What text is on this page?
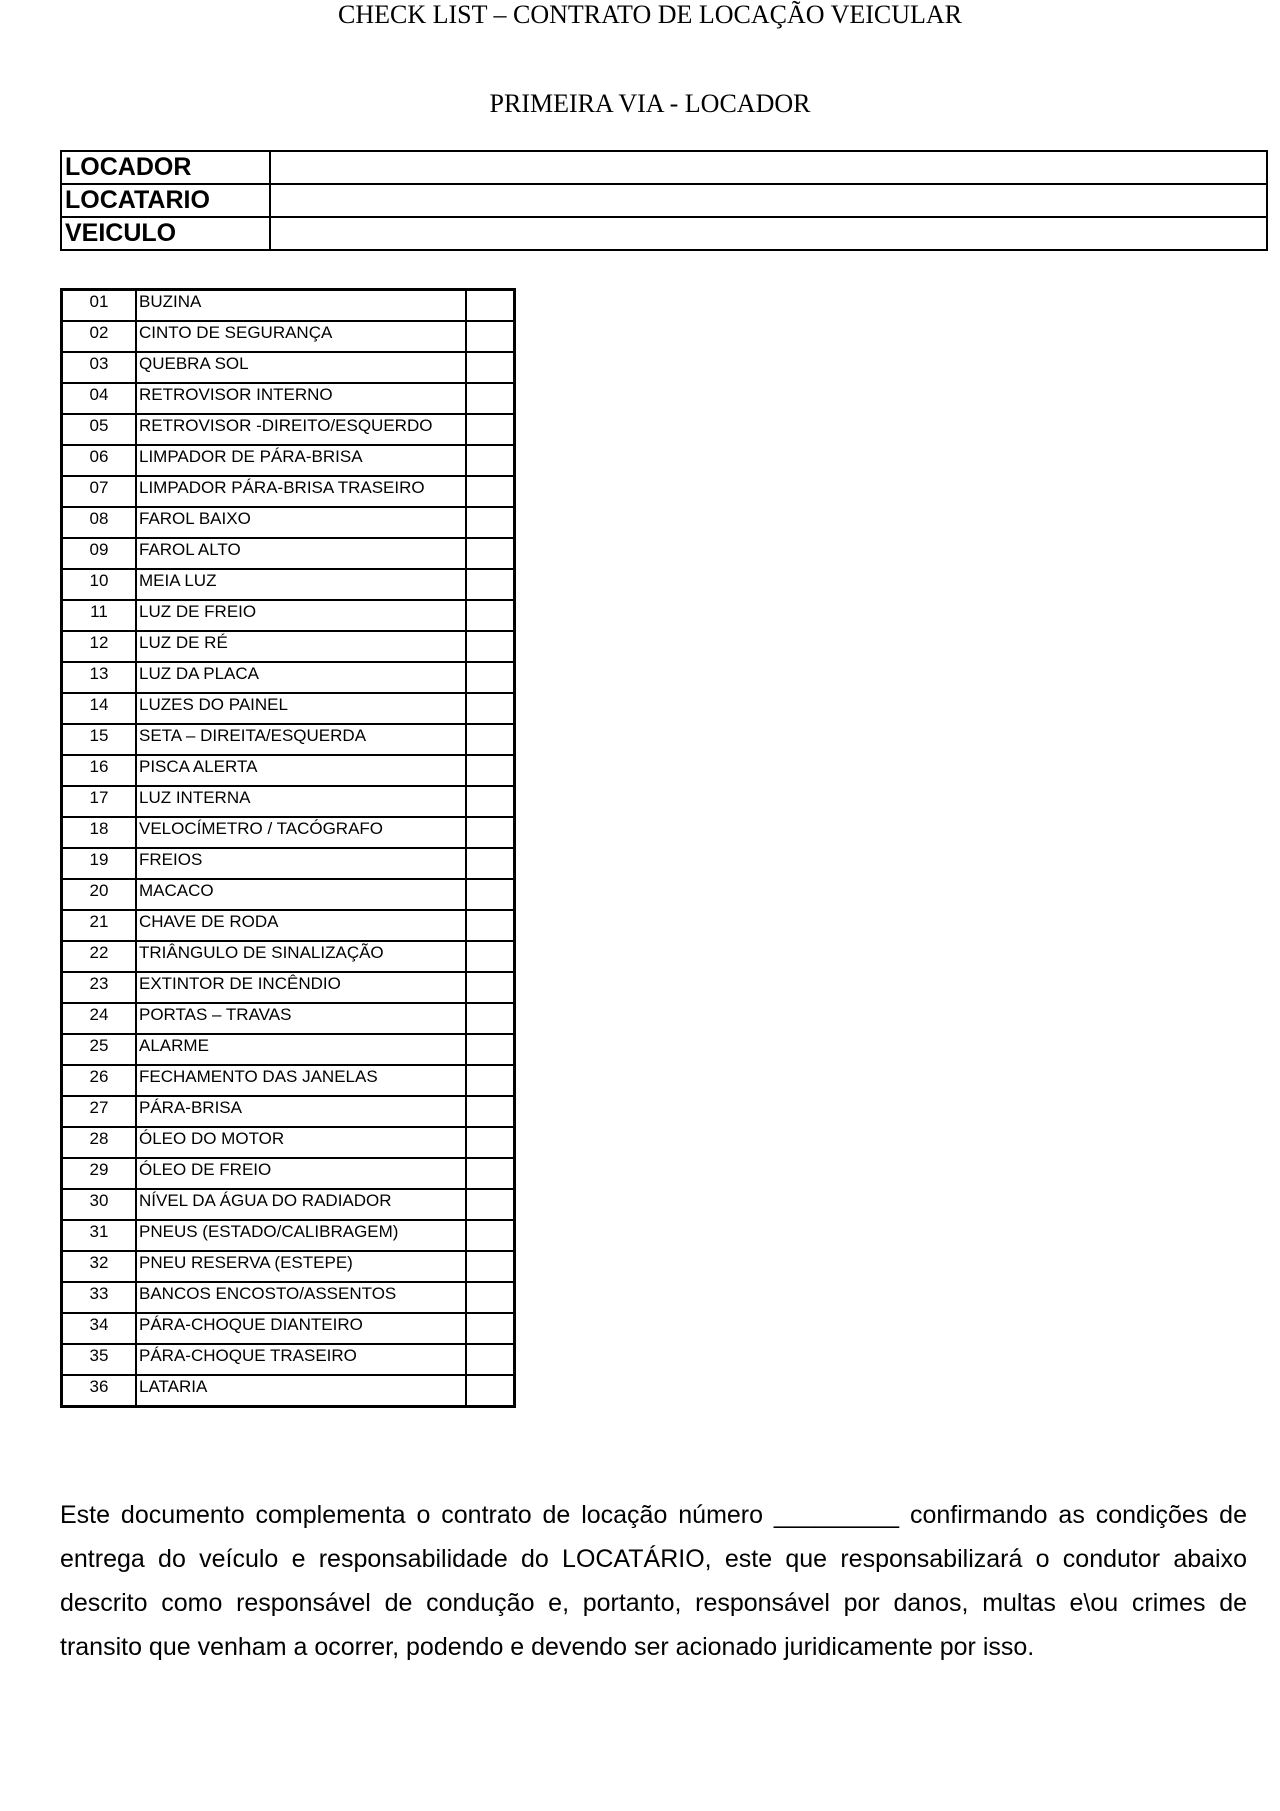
CHECK LIST – CONTRATO DE LOCAÇÃO VEICULAR
PRIMEIRA VIA - LOCADOR
LOCADOR	
LOCATARIO	
VEICULO	
01	BUZINA	
02	CINTO DE SEGURANÇA	
03	QUEBRA SOL	
04	RETROVISOR INTERNO	
05	RETROVISOR -DIREITO/ESQUERDO	
06	LIMPADOR DE PÁRA-BRISA	
07	LIMPADOR PÁRA-BRISA TRASEIRO	
08	FAROL BAIXO	
09	FAROL ALTO	
10	MEIA LUZ	
11	LUZ DE FREIO	
12	LUZ DE RÉ	
13	LUZ DA PLACA	
14	LUZES DO PAINEL	
15	SETA – DIREITA/ESQUERDA	
16	PISCA ALERTA	
17	LUZ INTERNA	
18	VELOCÍMETRO / TACÓGRAFO	
19	FREIOS	
20	MACACO	
21	CHAVE DE RODA	
22	TRIÂNGULO DE SINALIZAÇÃO	
23	EXTINTOR DE INCÊNDIO	
24	PORTAS – TRAVAS	
25	ALARME	
26	FECHAMENTO DAS JANELAS	
27	PÁRA-BRISA	
28	ÓLEO DO MOTOR	
29	ÓLEO DE FREIO	
30	NÍVEL DA ÁGUA DO RADIADOR	
31	PNEUS (ESTADO/CALIBRAGEM)	
32	PNEU RESERVA (ESTEPE)	
33	BANCOS ENCOSTO/ASSENTOS	
34	PÁRA-CHOQUE DIANTEIRO	
35	PÁRA-CHOQUE TRASEIRO	
36	LATARIA	

Este documento complementa o contrato de locação número _________ confirmando as condições de entrega do veículo e responsabilidade do LOCATÁRIO, este que responsabilizará o condutor abaixo descrito como responsável de condução e, portanto, responsável por danos, multas e\ou crimes de transito que venham a ocorrer, podendo e devendo ser acionado juridicamente por isso.
